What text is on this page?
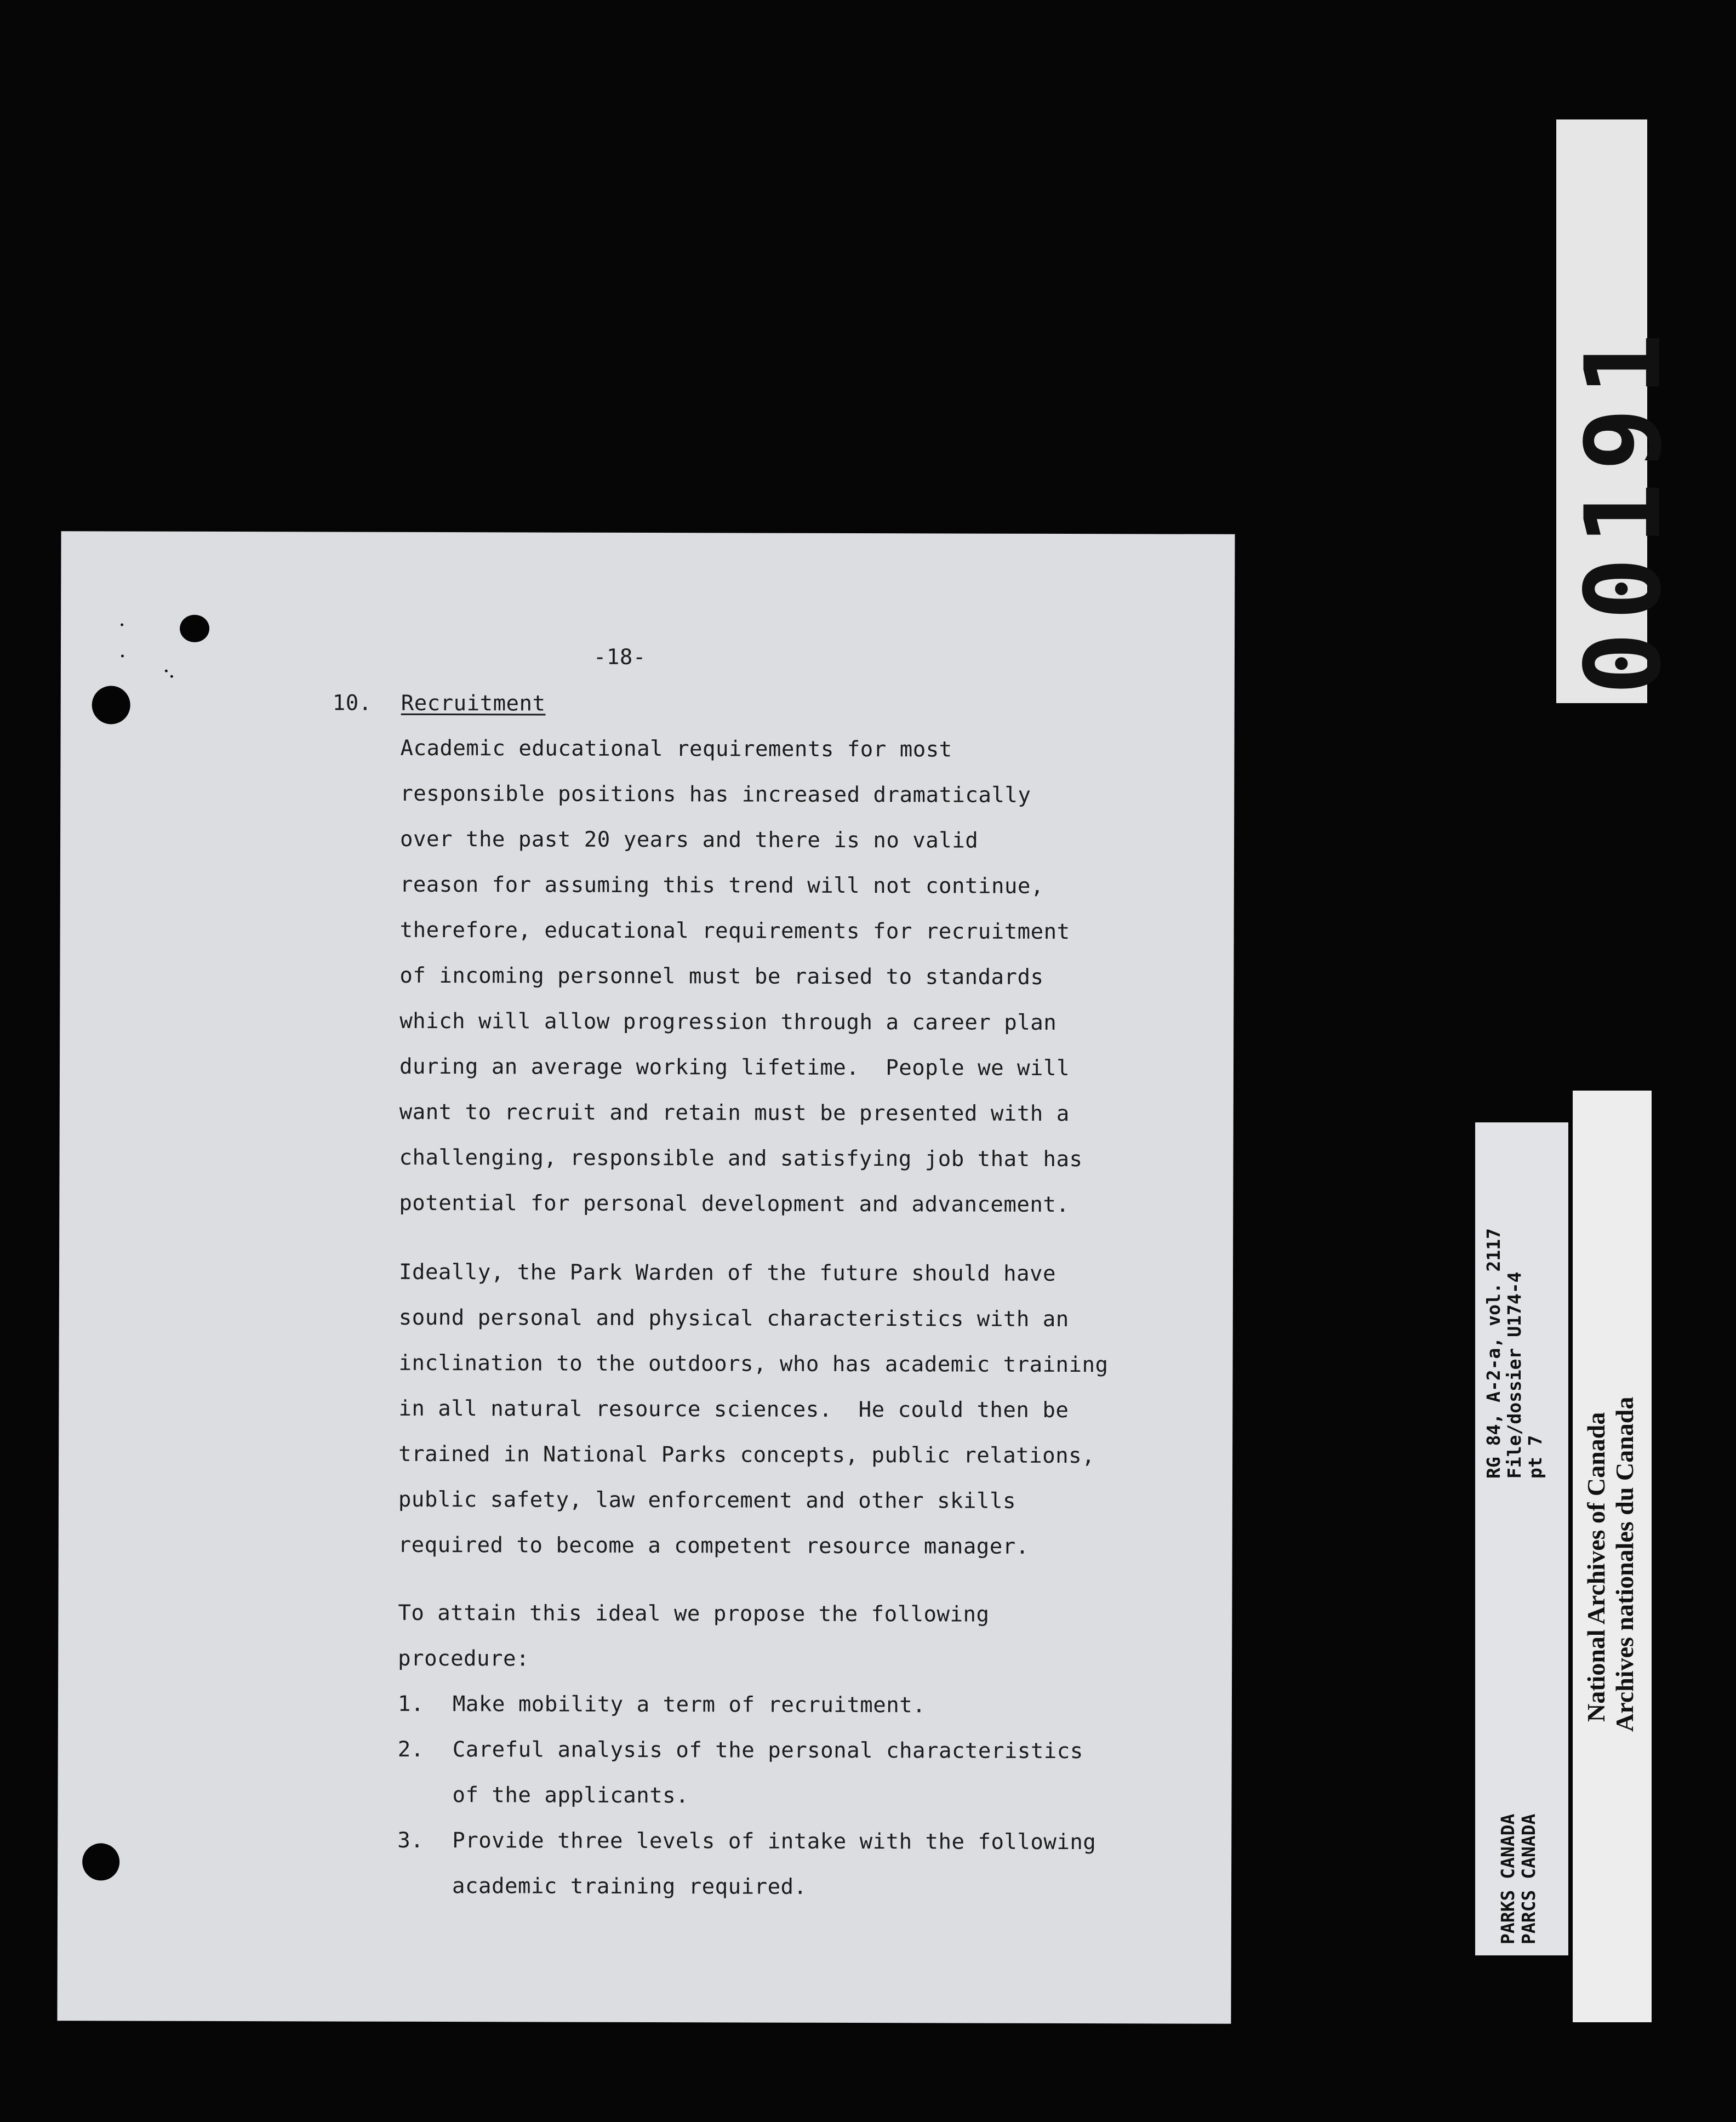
-18-
10. Recruitment
Academic educational requirements for most
responsible positions has increased dramatically
over the past 20 years and there is no valid
reason for assuming this trend will not continue,
therefore, educational requirements for recruitment
of incoming personnel must be raised to standards
which will allow progression through a career plan
during an average working lifetime.  People we will
want to recruit and retain must be presented with a
challenging, responsible and satisfying job that has
potential for personal development and advancement.
Ideally, the Park Warden of the future should have
sound personal and physical characteristics with an
inclination to the outdoors, who has academic training
in all natural resource sciences.  He could then be
trained in National Parks concepts, public relations,
public safety, law enforcement and other skills
required to become a competent resource manager.
To attain this ideal we propose the following
procedure:
1. Make mobility a term of recruitment.
2. Careful analysis of the personal characteristics
of the applicants.
3. Provide three levels of intake with the following
academic training required.
00191
RG 84, A-2-a, vol. 2117 File/dossier U174-4 pt 7
PARKS CANADA PARCS CANADA
National Archives of Canada Archives nationales du Canada
